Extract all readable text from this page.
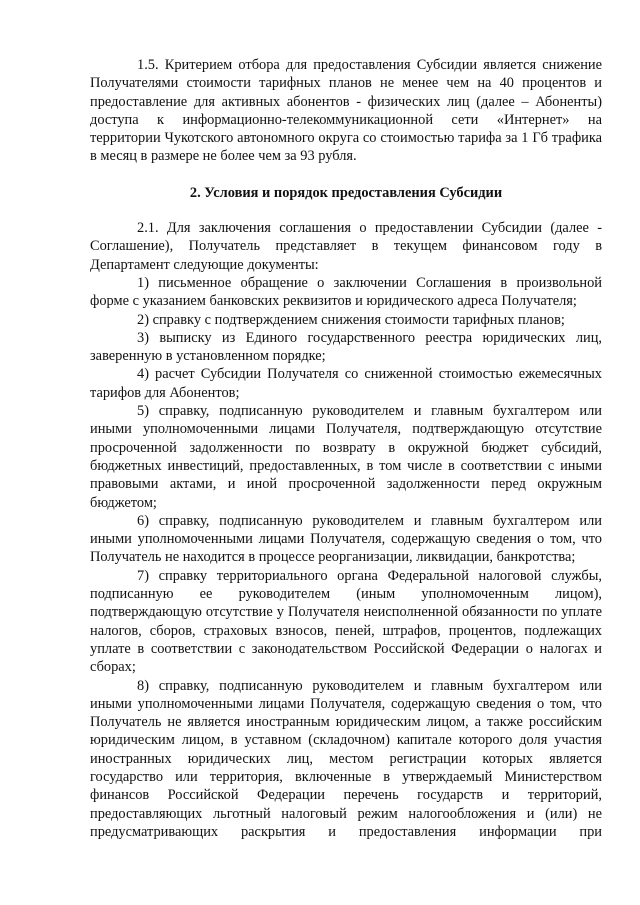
1.5. Критерием отбора для предоставления Субсидии является снижение Получателями стоимости тарифных планов не менее чем на 40 процентов и предоставление для активных абонентов - физических лиц (далее – Абоненты) доступа к информационно-телекоммуникационной сети «Интернет» на территории Чукотского автономного округа со стоимостью тарифа за 1 Гб трафика в месяц в размере не более чем за 93 рубля.

2. Условия и порядок предоставления Субсидии

2.1. Для заключения соглашения о предоставлении Субсидии (далее - Соглашение), Получатель представляет в текущем финансовом году в Департамент следующие документы:

1) письменное обращение о заключении Соглашения в произвольной форме с указанием банковских реквизитов и юридического адреса Получателя;

2) справку с подтверждением снижения стоимости тарифных планов;

3) выписку из Единого государственного реестра юридических лиц, заверенную в установленном порядке;

4) расчет Субсидии Получателя со сниженной стоимостью ежемесячных тарифов для Абонентов;

5) справку, подписанную руководителем и главным бухгалтером или иными уполномоченными лицами Получателя, подтверждающую отсутствие просроченной задолженности по возврату в окружной бюджет субсидий, бюджетных инвестиций, предоставленных, в том числе в соответствии с иными правовыми актами, и иной просроченной задолженности перед окружным бюджетом;

6) справку, подписанную руководителем и главным бухгалтером или иными уполномоченными лицами Получателя, содержащую сведения о том, что Получатель не находится в процессе реорганизации, ликвидации, банкротства;

7) справку территориального органа Федеральной налоговой службы, подписанную ее руководителем (иным уполномоченным лицом), подтверждающую отсутствие у Получателя неисполненной обязанности по уплате налогов, сборов, страховых взносов, пеней, штрафов, процентов, подлежащих уплате в соответствии с законодательством Российской Федерации о налогах и сборах;

8) справку, подписанную руководителем и главным бухгалтером или иными уполномоченными лицами Получателя, содержащую сведения о том, что Получатель не является иностранным юридическим лицом, а также российским юридическим лицом, в уставном (складочном) капитале которого доля участия иностранных юридических лиц, местом регистрации которых является государство или территория, включенные в утверждаемый Министерством финансов Российской Федерации перечень государств и территорий, предоставляющих льготный налоговый режим налогообложения и (или) не предусматривающих раскрытия и предоставления информации при
